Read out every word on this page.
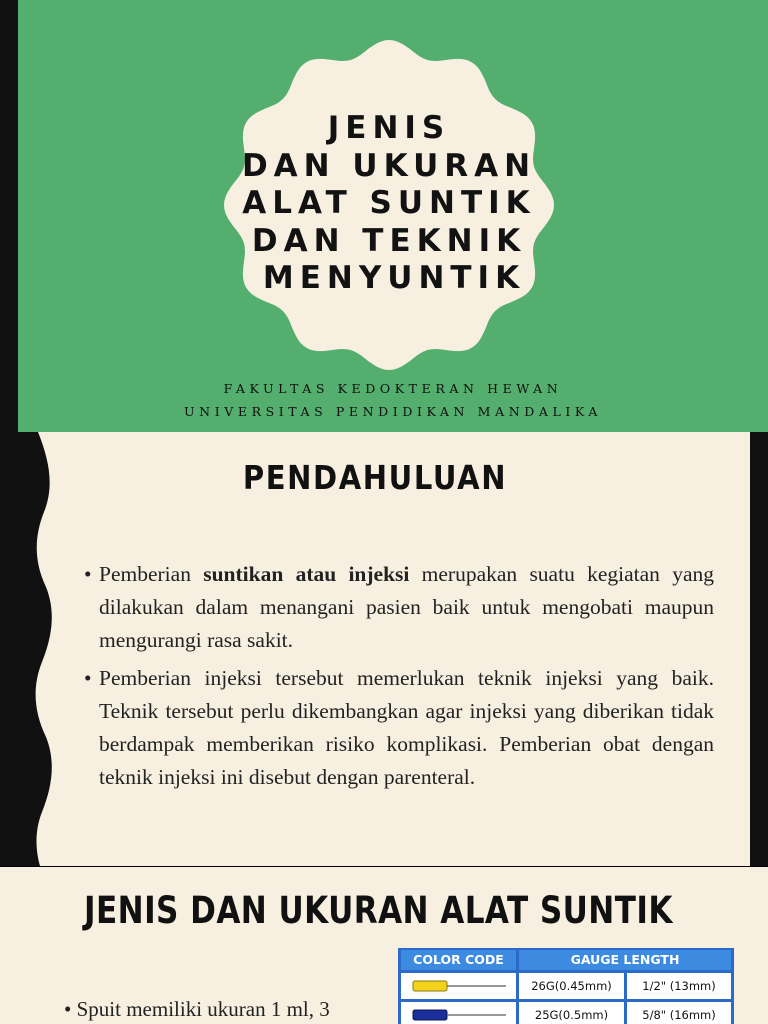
JENIS
DAN UKURAN
ALAT SUNTIK
DAN TEKNIK
MENYUNTIK
FAKULTAS KEDOKTERAN HEWAN
UNIVERSITAS PENDIDIKAN MANDALIKA
PENDAHULUAN
• Pemberian suntikan atau injeksi merupakan suatu kegiatan yang dilakukan dalam menangani pasien baik untuk mengobati maupun mengurangi rasa sakit.
• Pemberian injeksi tersebut memerlukan teknik injeksi yang baik. Teknik tersebut perlu dikembangkan agar injeksi yang diberikan tidak berdampak memberikan risiko komplikasi. Pemberian obat dengan teknik injeksi ini disebut dengan parenteral.
JENIS DAN UKURAN ALAT SUNTIK
• Spuit memiliki ukuran 1 ml, 3
COLOR CODE	GAUGE LENGTH
26G(0.45mm)	1/2" (13mm)
25G(0.5mm)	5/8" (16mm)
